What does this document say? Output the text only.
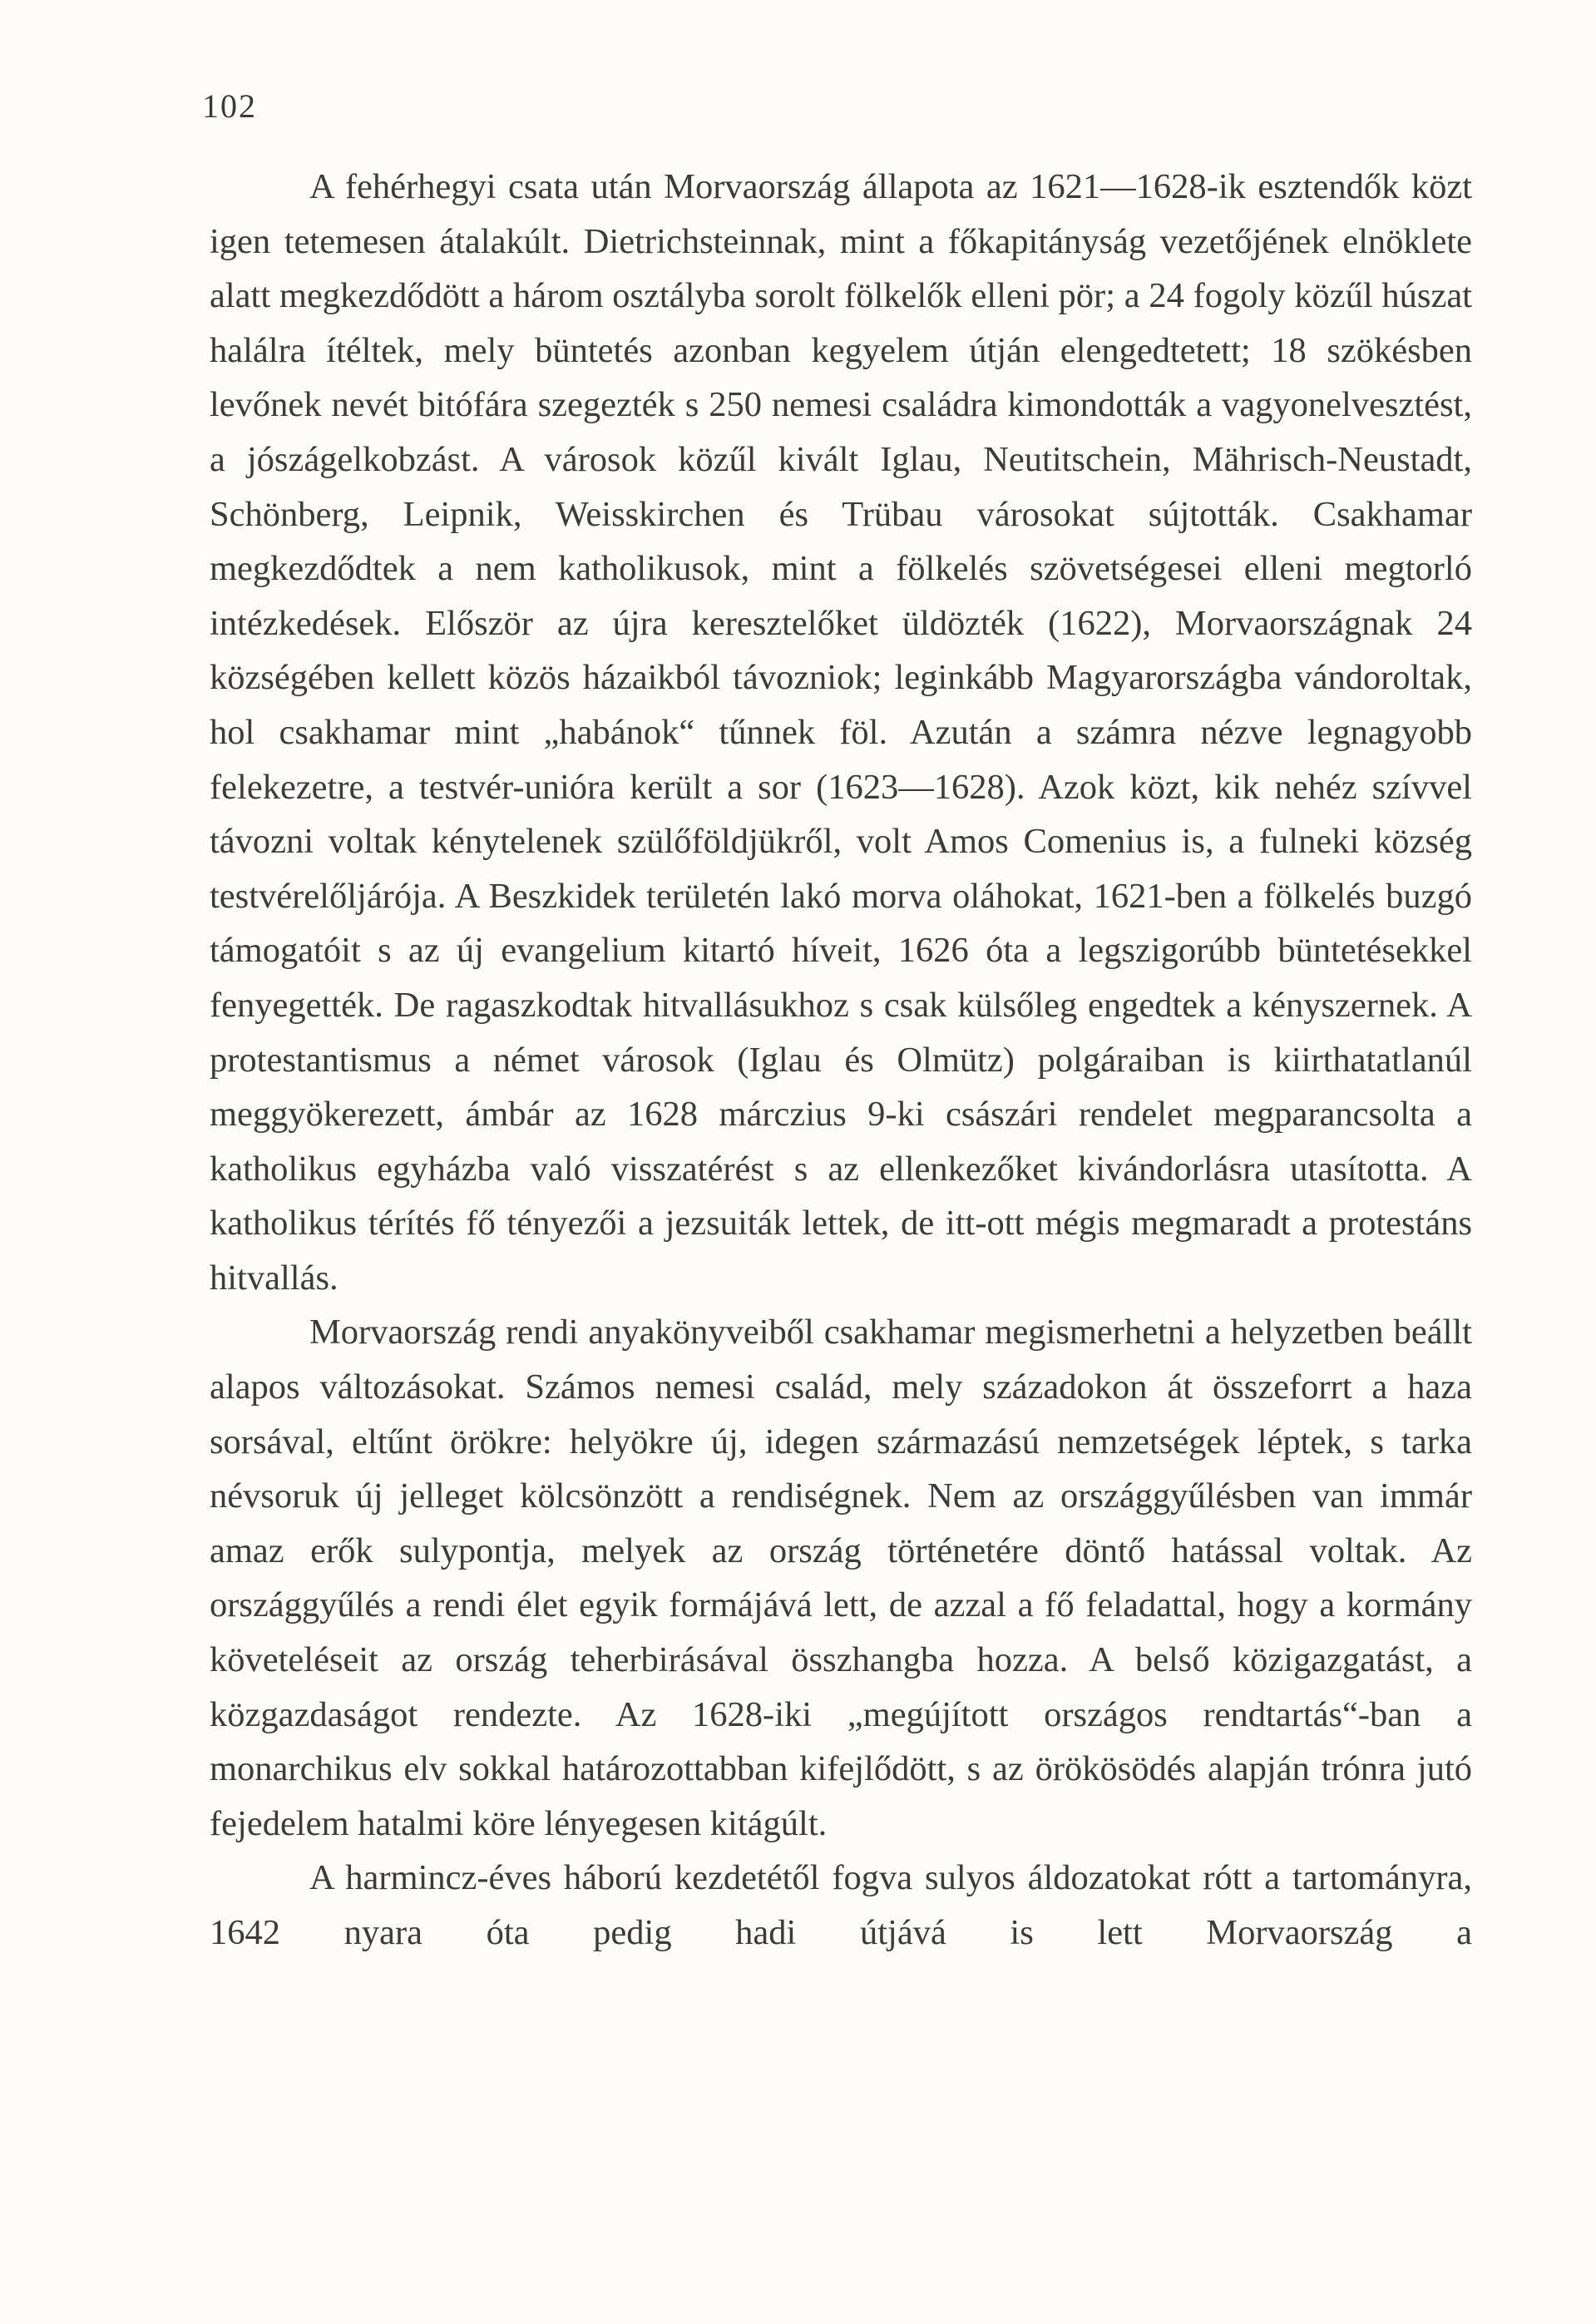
102

A fehérhegyi csata után Morvaország állapota az 1621—1628-ik esztendők közt igen tetemesen átalakúlt. Dietrichsteinnak, mint a főkapitányság vezetőjének elnöklete alatt megkezdődött a három osztályba sorolt fölkelők elleni pör; a 24 fogoly közűl húszat halálra ítéltek, mely büntetés azonban kegyelem útján elengedtetett; 18 szökésben levőnek nevét bitófára szegezték s 250 nemesi családra kimondották a vagyonelvesztést, a jószágelkobzást. A városok közűl kivált Iglau, Neutitschein, Mährisch-Neustadt, Schönberg, Leipnik, Weisskirchen és Trübau városokat sújtották. Csakhamar megkezdődtek a nem katholikusok, mint a fölkelés szövetségesei elleni megtorló intézkedések. Először az újra keresztelőket üldözték (1622), Morvaországnak 24 községében kellett közös házaikból távozniok; leginkább Magyarországba vándoroltak, hol csakhamar mint „habánok“ tűnnek föl. Azután a számra nézve legnagyobb felekezetre, a testvér-unióra került a sor (1623—1628). Azok közt, kik nehéz szívvel távozni voltak kénytelenek szülőföldjükről, volt Amos Comenius is, a fulneki község testvérelőljárója. A Beszkidek területén lakó morva oláhokat, 1621-ben a fölkelés buzgó támogatóit s az új evangelium kitartó híveit, 1626 óta a legszigorúbb büntetésekkel fenyegették. De ragaszkodtak hitvallásukhoz s csak külsőleg engedtek a kényszernek. A protestantismus a német városok (Iglau és Olmütz) polgáraiban is kiirthatatlanúl meggyökerezett, ámbár az 1628 márczius 9-ki császári rendelet megparancsolta a katholikus egyházba való visszatérést s az ellenkezőket kivándorlásra utasította. A katholikus térítés fő tényezői a jezsuiták lettek, de itt-ott mégis megmaradt a protestáns hitvallás.

Morvaország rendi anyakönyveiből csakhamar megismerhetni a helyzetben beállt alapos változásokat. Számos nemesi család, mely századokon át összeforrt a haza sorsával, eltűnt örökre: helyökre új, idegen származású nemzetségek léptek, s tarka névsoruk új jelleget kölcsönzött a rendiségnek. Nem az országgyűlésben van immár amaz erők sulypontja, melyek az ország történetére döntő hatással voltak. Az országgyűlés a rendi élet egyik formájává lett, de azzal a fő feladattal, hogy a kormány követeléseit az ország teherbirásával összhangba hozza. A belső közigazgatást, a közgazdaságot rendezte. Az 1628-iki „megújított országos rendtartás“-ban a monarchikus elv sokkal határozottabban kifejlődött, s az örökösödés alapján trónra jutó fejedelem hatalmi köre lényegesen kitágúlt.

A harmincz-éves háború kezdetétől fogva sulyos áldozatokat rótt a tartományra, 1642 nyara óta pedig hadi útjává is lett Morvaország a
